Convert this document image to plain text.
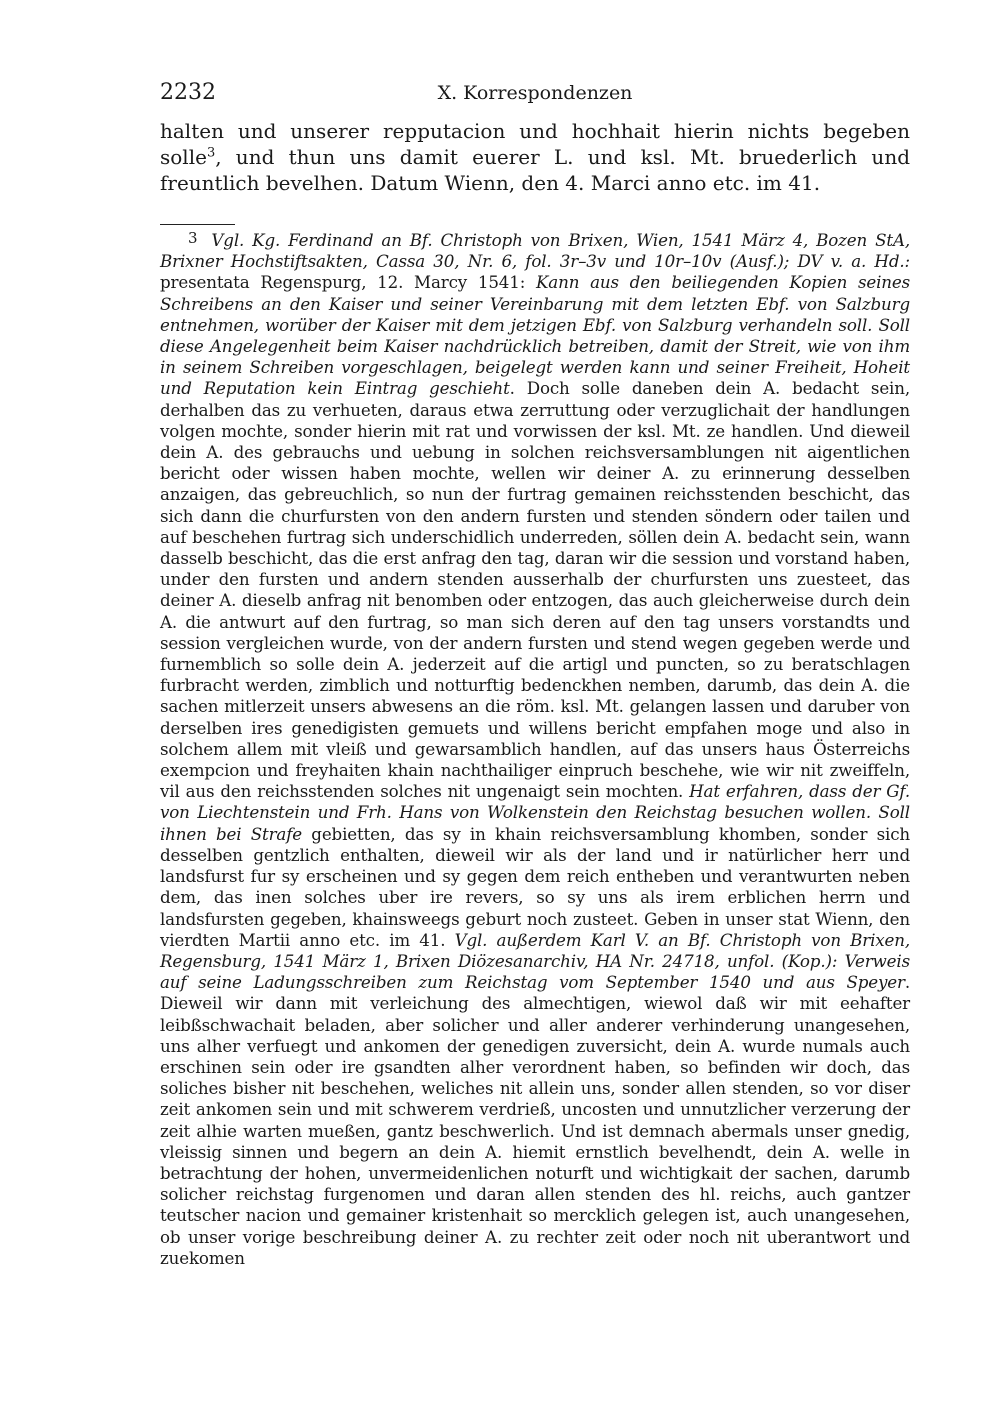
2232	X. Korrespondenzen

halten und unserer repputacion und hochhait hierin nichts begeben solle$^3$, und thun uns damit euerer L. und ksl. Mt. bruederlich und freuntlich bevelhen. Datum Wienn, den 4. Marci anno etc. im 41.

3 Vgl. Kg. Ferdinand an Bf. Christoph von Brixen, Wien, 1541 März 4, Bozen StA, Brixner Hochstiftsakten, Cassa 30, Nr. 6, fol. 3r–3v und 10r–10v (Ausf.); DV v. a. Hd.: presentata Regenspurg, 12. Marcy 1541: Kann aus den beiliegenden Kopien seines Schreibens an den Kaiser und seiner Vereinbarung mit dem letzten Ebf. von Salzburg entnehmen, worüber der Kaiser mit dem jetzigen Ebf. von Salzburg verhandeln soll. Soll diese Angelegenheit beim Kaiser nachdrücklich betreiben, damit der Streit, wie von ihm in seinem Schreiben vorgeschlagen, beigelegt werden kann und seiner Freiheit, Hoheit und Reputation kein Eintrag geschieht. Doch solle daneben dein A. bedacht sein, derhalben das zu verhueten, daraus etwa zerruttung oder verzuglichait der handlungen volgen mochte, sonder hierin mit rat und vorwissen der ksl. Mt. ze handlen. Und dieweil dein A. des gebrauchs und uebung in solchen reichsversamblungen nit aigentlichen bericht oder wissen haben mochte, wellen wir deiner A. zu erinnerung desselben anzaigen, das gebreuchlich, so nun der furtrag gemainen reichsstenden beschicht, das sich dann die churfursten von den andern fursten und stenden söndern oder tailen und auf beschehen furtrag sich underschidlich underreden, söllen dein A. bedacht sein, wann dasselb beschicht, das die erst anfrag den tag, daran wir die session und vorstand haben, under den fursten und andern stenden ausserhalb der churfursten uns zuesteet, das deiner A. dieselb anfrag nit benomben oder entzogen, das auch gleicherweise durch dein A. die antwurt auf den furtrag, so man sich deren auf den tag unsers vorstandts und session vergleichen wurde, von der andern fursten und stend wegen gegeben werde und furnemblich so solle dein A. jederzeit auf die artigl und puncten, so zu beratschlagen furbracht werden, zimblich und notturftig bedenckhen nemben, darumb, das dein A. die sachen mitlerzeit unsers abwesens an die röm. ksl. Mt. gelangen lassen und daruber von derselben ires genedigisten gemuets und willens bericht empfahen moge und also in solchem allem mit vleiß und gewarsamblich handlen, auf das unsers haus Österreichs exempcion und freyhaiten khain nachthailiger einpruch beschehe, wie wir nit zweiffeln, vil aus den reichsstenden solches nit ungenaigt sein mochten. Hat erfahren, dass der Gf. von Liechtenstein und Frh. Hans von Wolkenstein den Reichstag besuchen wollen. Soll ihnen bei Strafe gebietten, das sy in khain reichsversamblung khomben, sonder sich desselben gentzlich enthalten, dieweil wir als der land und ir natürlicher herr und landsfurst fur sy erscheinen und sy gegen dem reich entheben und verantwurten neben dem, das inen solches uber ire revers, so sy uns als irem erblichen herrn und landsfursten gegeben, khainsweegs geburt noch zusteet. Geben in unser stat Wienn, den vierdten Martii anno etc. im 41. Vgl. außerdem Karl V. an Bf. Christoph von Brixen, Regensburg, 1541 März 1, Brixen Diözesanarchiv, HA Nr. 24718, unfol. (Kop.): Verweis auf seine Ladungsschreiben zum Reichstag vom September 1540 und aus Speyer. Dieweil wir dann mit verleichung des almechtigen, wiewol daß wir mit eehafter leibßschwachait beladen, aber solicher und aller anderer verhinderung unangesehen, uns alher verfuegt und ankomen der genedigen zuversicht, dein A. wurde numals auch erschinen sein oder ire gsandten alher verordnent haben, so befinden wir doch, das soliches bisher nit beschehen, weliches nit allein uns, sonder allen stenden, so vor diser zeit ankomen sein und mit schwerem verdrieß, uncosten und unnutzlicher verzerung der zeit alhie warten mueßen, gantz beschwerlich. Und ist demnach abermals unser gnedig, vleissig sinnen und begern an dein A. hiemit ernstlich bevelhendt, dein A. welle in betrachtung der hohen, unvermeidenlichen noturft und wichtigkait der sachen, darumb solicher reichstag furgenomen und daran allen stenden des hl. reichs, auch gantzer teutscher nacion und gemainer kristenhait so mercklich gelegen ist, auch unangesehen, ob unser vorige beschreibung deiner A. zu rechter zeit oder noch nit uberantwort und zuekomen
